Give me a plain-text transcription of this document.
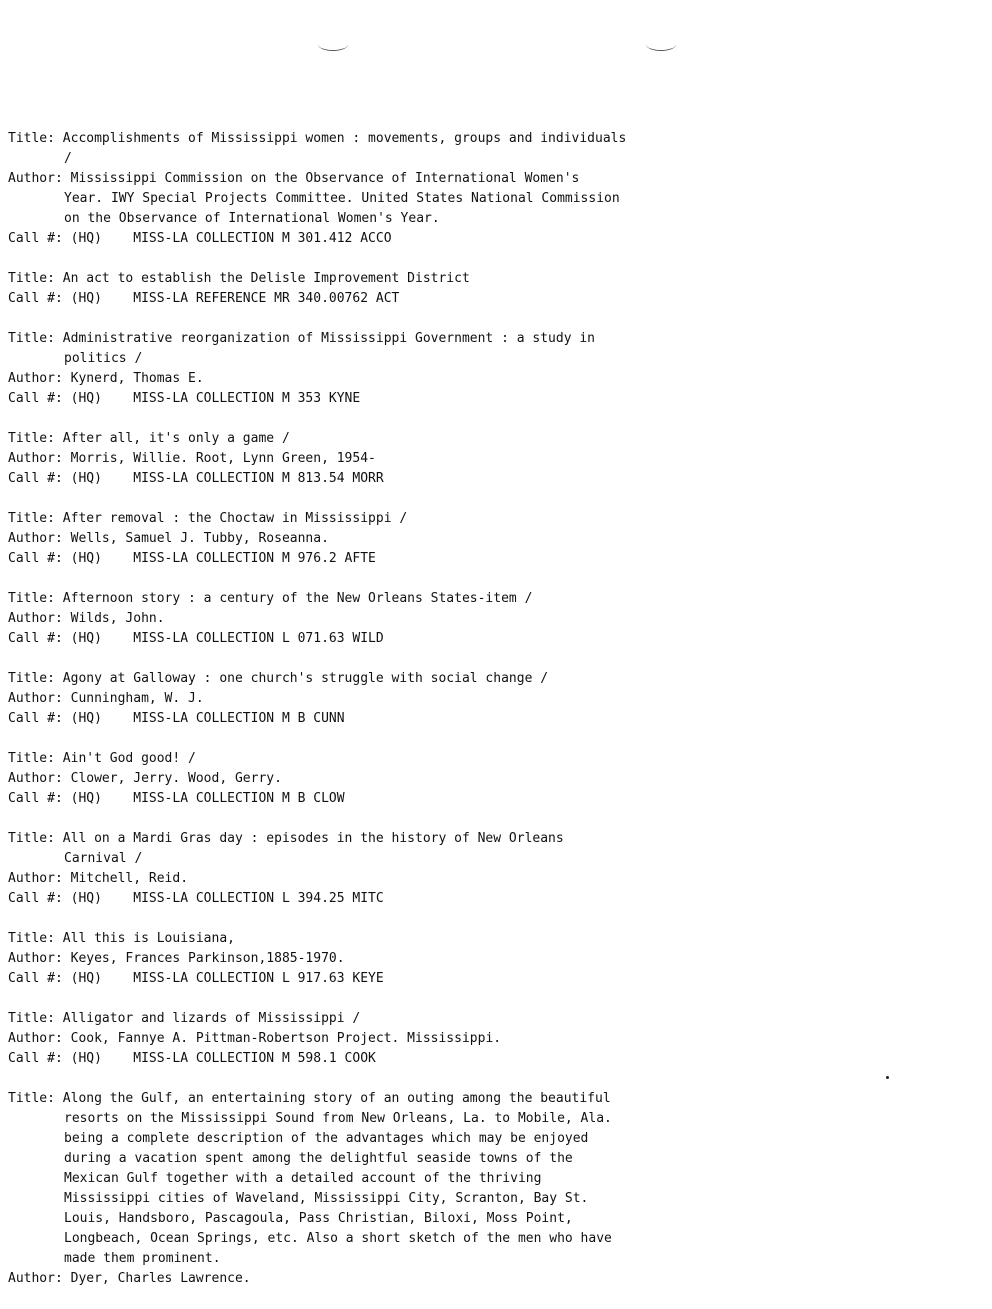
Title: Accomplishments of Mississippi women : movements, groups and individuals
/
Author: Mississippi Commission on the Observance of International Women's
Year. IWY Special Projects Committee. United States National Commission
on the Observance of International Women's Year.
Call #: (HQ)    MISS-LA COLLECTION M 301.412 ACCO
Title: An act to establish the Delisle Improvement District
Call #: (HQ)    MISS-LA REFERENCE MR 340.00762 ACT
Title: Administrative reorganization of Mississippi Government : a study in
politics /
Author: Kynerd, Thomas E.
Call #: (HQ)    MISS-LA COLLECTION M 353 KYNE
Title: After all, it's only a game /
Author: Morris, Willie. Root, Lynn Green, 1954-
Call #: (HQ)    MISS-LA COLLECTION M 813.54 MORR
Title: After removal : the Choctaw in Mississippi /
Author: Wells, Samuel J. Tubby, Roseanna.
Call #: (HQ)    MISS-LA COLLECTION M 976.2 AFTE
Title: Afternoon story : a century of the New Orleans States-item /
Author: Wilds, John.
Call #: (HQ)    MISS-LA COLLECTION L 071.63 WILD
Title: Agony at Galloway : one church's struggle with social change /
Author: Cunningham, W. J.
Call #: (HQ)    MISS-LA COLLECTION M B CUNN
Title: Ain't God good! /
Author: Clower, Jerry. Wood, Gerry.
Call #: (HQ)    MISS-LA COLLECTION M B CLOW
Title: All on a Mardi Gras day : episodes in the history of New Orleans
Carnival /
Author: Mitchell, Reid.
Call #: (HQ)    MISS-LA COLLECTION L 394.25 MITC
Title: All this is Louisiana,
Author: Keyes, Frances Parkinson,1885-1970.
Call #: (HQ)    MISS-LA COLLECTION L 917.63 KEYE
Title: Alligator and lizards of Mississippi /
Author: Cook, Fannye A. Pittman-Robertson Project. Mississippi.
Call #: (HQ)    MISS-LA COLLECTION M 598.1 COOK
Title: Along the Gulf, an entertaining story of an outing among the beautiful
resorts on the Mississippi Sound from New Orleans, La. to Mobile, Ala.
being a complete description of the advantages which may be enjoyed
during a vacation spent among the delightful seaside towns of the
Mexican Gulf together with a detailed account of the thriving
Mississippi cities of Waveland, Mississippi City, Scranton, Bay St.
Louis, Handsboro, Pascagoula, Pass Christian, Biloxi, Moss Point,
Longbeach, Ocean Springs, etc. Also a short sketch of the men who have
made them prominent.
Author: Dyer, Charles Lawrence.
